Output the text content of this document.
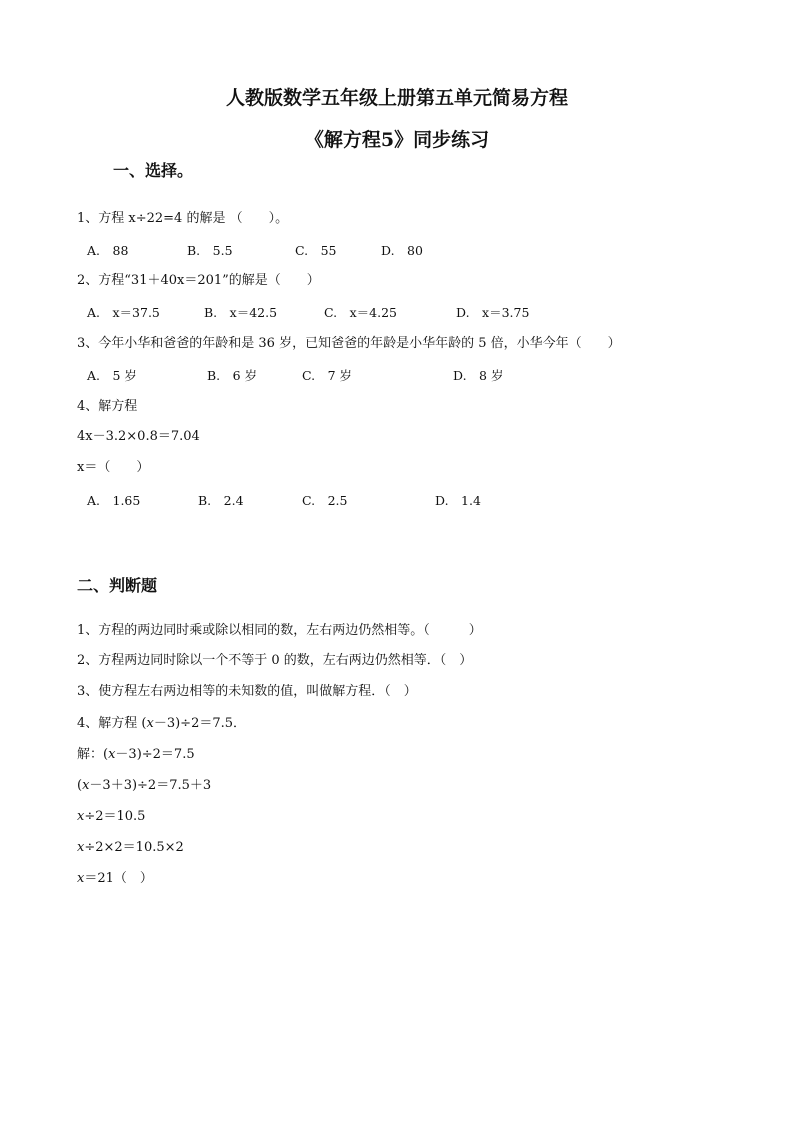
人教版数学五年级上册第五单元简易方程
《解方程5》同步练习
一、选择。
1、方程 x÷22=4 的解是 （　　）。
A.　88	B.　5.5	C.　55	D.　80
2、方程“31＋40x＝201”的解是（　　）
A.　x＝37.5	B.　x＝42.5	C.　x＝4.25	D.　x＝3.75
3、今年小华和爸爸的年龄和是 36 岁，已知爸爸的年龄是小华年龄的 5 倍，小华今年（　　）
A.　5 岁	B.　6 岁	C.　7 岁	D.　8 岁
4、解方程
4x－3.2×0.8＝7.04
x＝（　　）
A.　1.65	B.　2.4	C.　2.5	D.　1.4
二、判断题
1、方程的两边同时乘或除以相同的数，左右两边仍然相等。（　　　）
2、方程两边同时除以一个不等于 0 的数，左右两边仍然相等．（　）
3、使方程左右两边相等的未知数的值，叫做解方程．（　）
4、解方程 (x－3)÷2＝7.5．
解：(x－3)÷2＝7.5
(x－3＋3)÷2＝7.5＋3
x÷2＝10.5
x÷2×2＝10.5×2
x＝21（　）
